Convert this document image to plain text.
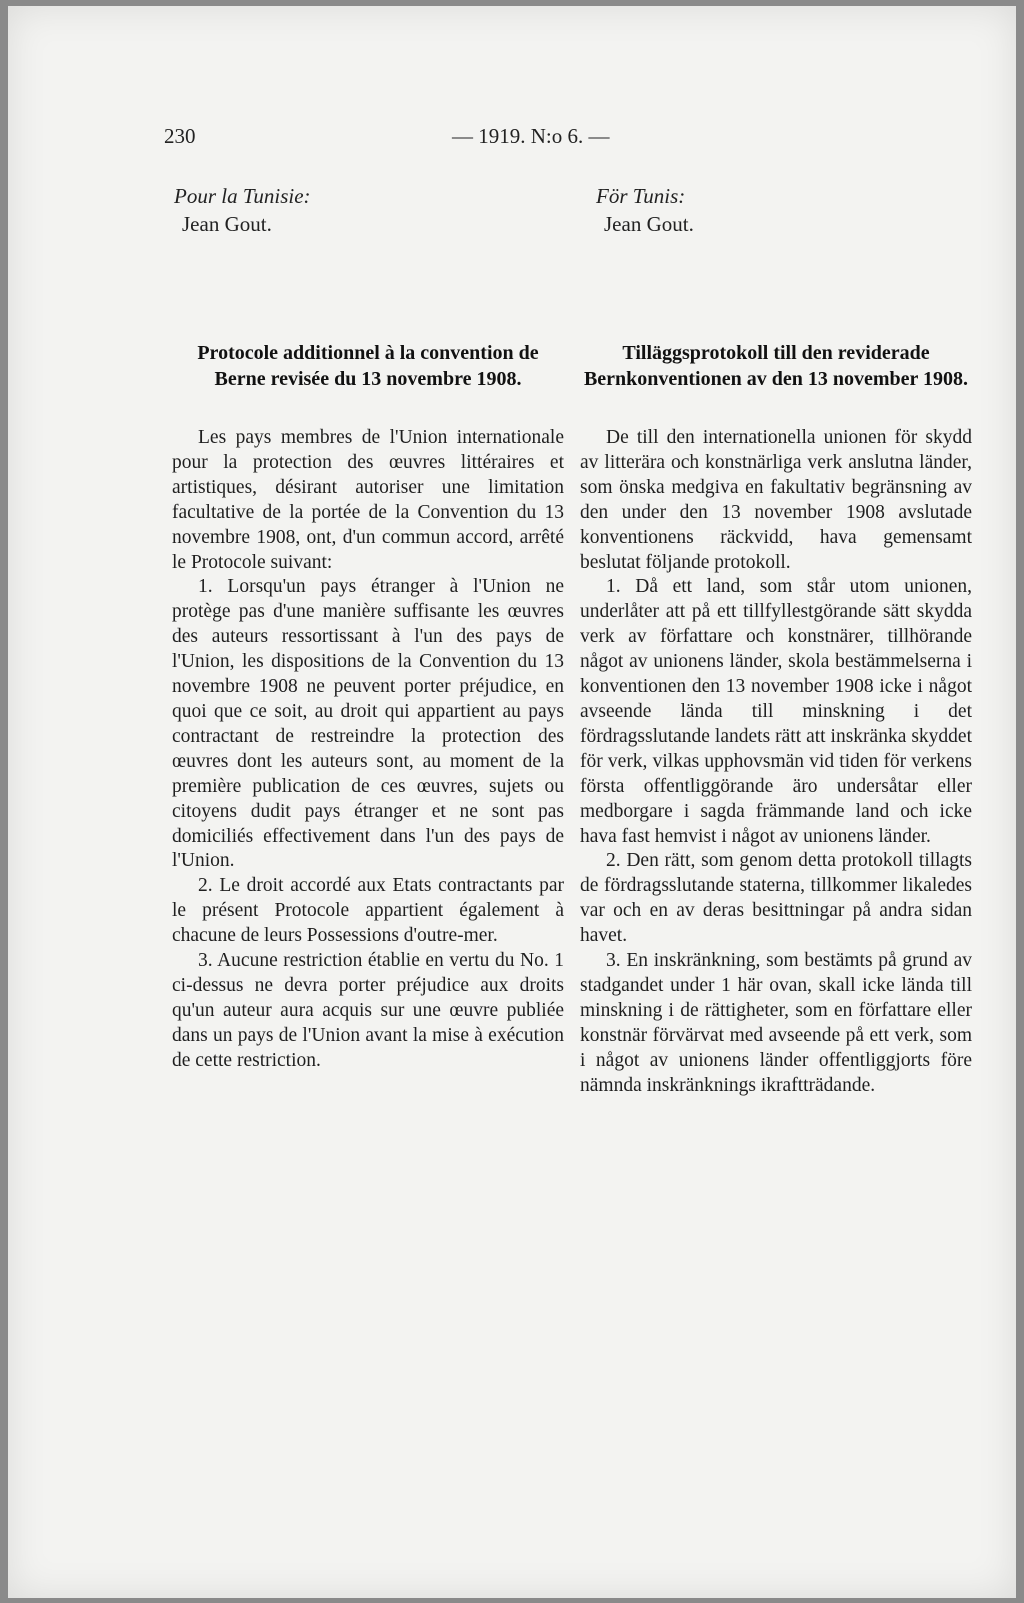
230	— 1919. N:o 6. —
Pour la Tunisie:
Jean Gout.
För Tunis:
Jean Gout.
Protocole additionnel à la convention de Berne revisée du 13 novembre 1908.

Les pays membres de l'Union internationale pour la protection des œuvres littéraires et artistiques, désirant autoriser une limitation facultative de la portée de la Convention du 13 novembre 1908, ont, d'un commun accord, arrêté le Protocole suivant:

1. Lorsqu'un pays étranger à l'Union ne protège pas d'une manière suffisante les œuvres des auteurs ressortissant à l'un des pays de l'Union, les dispositions de la Convention du 13 novembre 1908 ne peuvent porter préjudice, en quoi que ce soit, au droit qui appartient au pays contractant de restreindre la protection des œuvres dont les auteurs sont, au moment de la première publication de ces œuvres, sujets ou citoyens dudit pays étranger et ne sont pas domiciliés effectivement dans l'un des pays de l'Union.

2. Le droit accordé aux Etats contractants par le présent Protocole appartient également à chacune de leurs Possessions d'outre-mer.

3. Aucune restriction établie en vertu du No. 1 ci-dessus ne devra porter préjudice aux droits qu'un auteur aura acquis sur une œuvre publiée dans un pays de l'Union avant la mise à exécution de cette restriction.

Tilläggsprotokoll till den reviderade Bernkonventionen av den 13 november 1908.

De till den internationella unionen för skydd av litterära och konstnärliga verk anslutna länder, som önska medgiva en fakultativ begränsning av den under den 13 november 1908 avslutade konventionens räckvidd, hava gemensamt beslutat följande protokoll.

1. Då ett land, som står utom unionen, underlåter att på ett tillfyllestgörande sätt skydda verk av författare och konstnärer, tillhörande något av unionens länder, skola bestämmelserna i konventionen den 13 november 1908 icke i något avseende lända till minskning i det fördragsslutande landets rätt att inskränka skyddet för verk, vilkas upphovsmän vid tiden för verkens första offentliggörande äro undersåtar eller medborgare i sagda främmande land och icke hava fast hemvist i något av unionens länder.

2. Den rätt, som genom detta protokoll tillagts de fördragsslutande staterna, tillkommer likaledes var och en av deras besittningar på andra sidan havet.

3. En inskränkning, som bestämts på grund av stadgandet under 1 här ovan, skall icke lända till minskning i de rättigheter, som en författare eller konstnär förvärvat med avseende på ett verk, som i något av unionens länder offentliggjorts före nämnda inskränknings ikraftträdande.
